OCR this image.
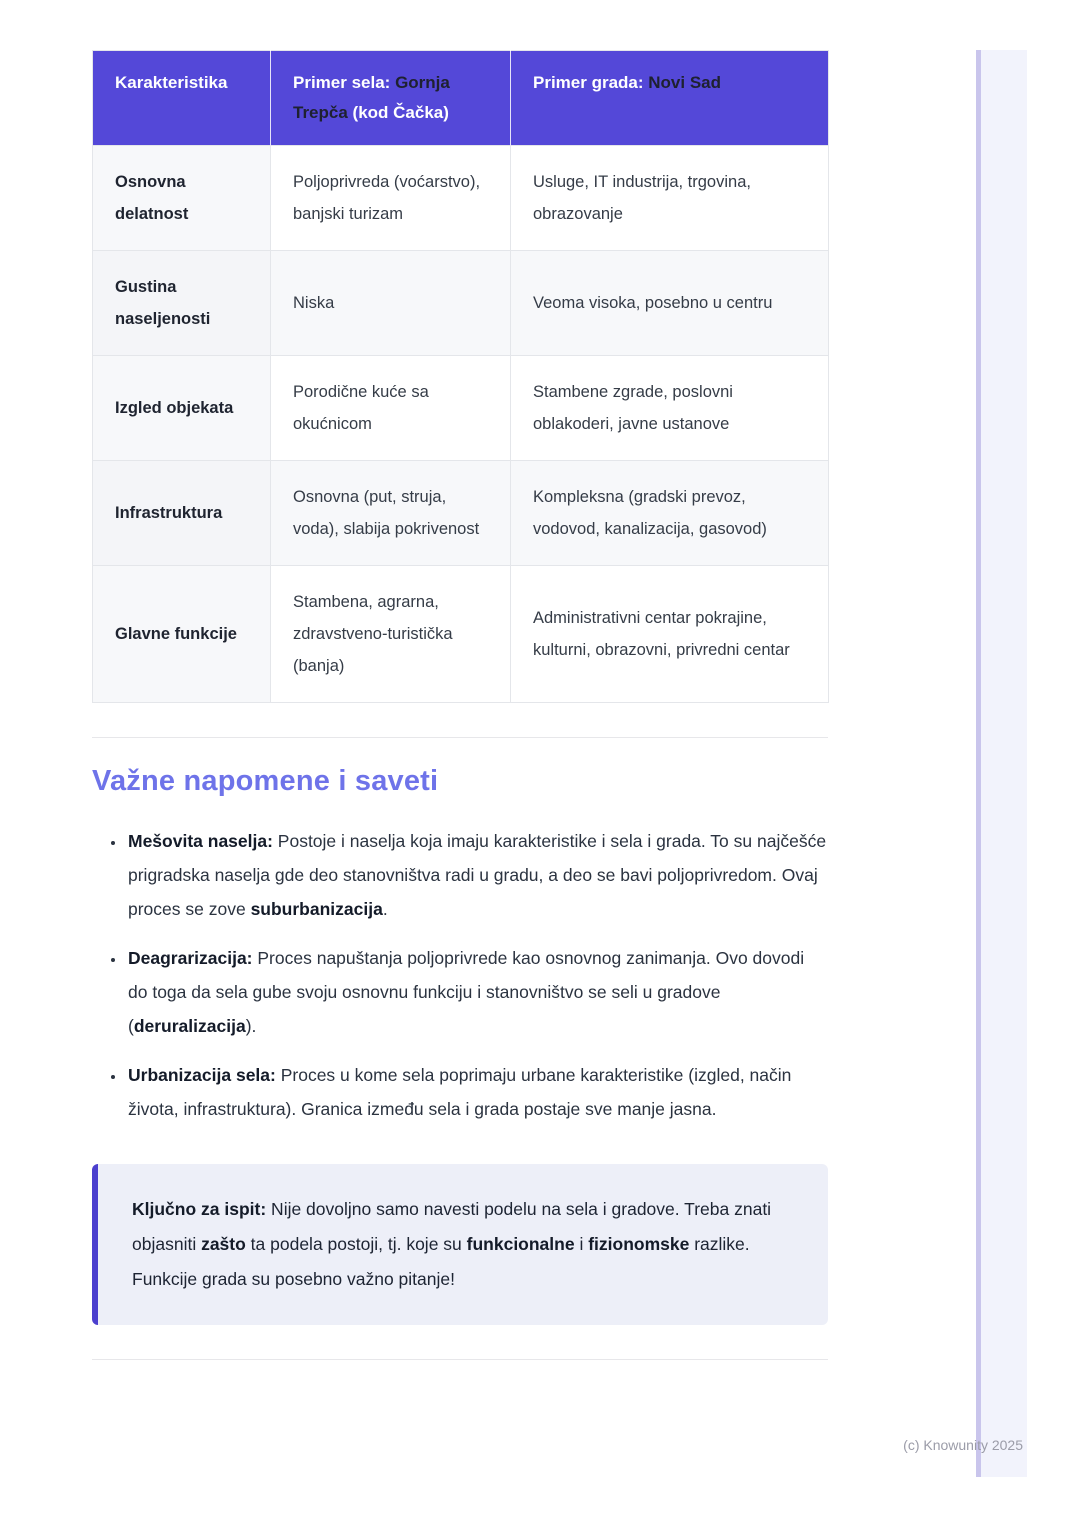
Karakteristika	Primer sela: Gornja Trepča (kod Čačka)	Primer grada: Novi Sad
Osnovna delatnost	Poljoprivreda (voćarstvo), banjski turizam	Usluge, IT industrija, trgovina, obrazovanje
Gustina naseljenosti	Niska	Veoma visoka, posebno u centru
Izgled objekata	Porodične kuće sa okućnicom	Stambene zgrade, poslovni oblakoderi, javne ustanove
Infrastruktura	Osnovna (put, struja, voda), slabija pokrivenost	Kompleksna (gradski prevoz, vodovod, kanalizacija, gasovod)
Glavne funkcije	Stambena, agrarna, zdravstveno-turistička (banja)	Administrativni centar pokrajine, kulturni, obrazovni, privredni centar
Važne napomene i saveti
• Mešovita naselja: Postoje i naselja koja imaju karakteristike i sela i grada. To su najčešće prigradska naselja gde deo stanovništva radi u gradu, a deo se bavi poljoprivredom. Ovaj proces se zove suburbanizacija.
• Deagrarizacija: Proces napuštanja poljoprivrede kao osnovnog zanimanja. Ovo dovodi do toga da sela gube svoju osnovnu funkciju i stanovništvo se seli u gradove (deruralizacija).
• Urbanizacija sela: Proces u kome sela poprimaju urbane karakteristike (izgled, način života, infrastruktura). Granica između sela i grada postaje sve manje jasna.
Ključno za ispit: Nije dovoljno samo navesti podelu na sela i gradove. Treba znati objasniti zašto ta podela postoji, tj. koje su funkcionalne i fizionomske razlike. Funkcije grada su posebno važno pitanje!
(c) Knowunity 2025
